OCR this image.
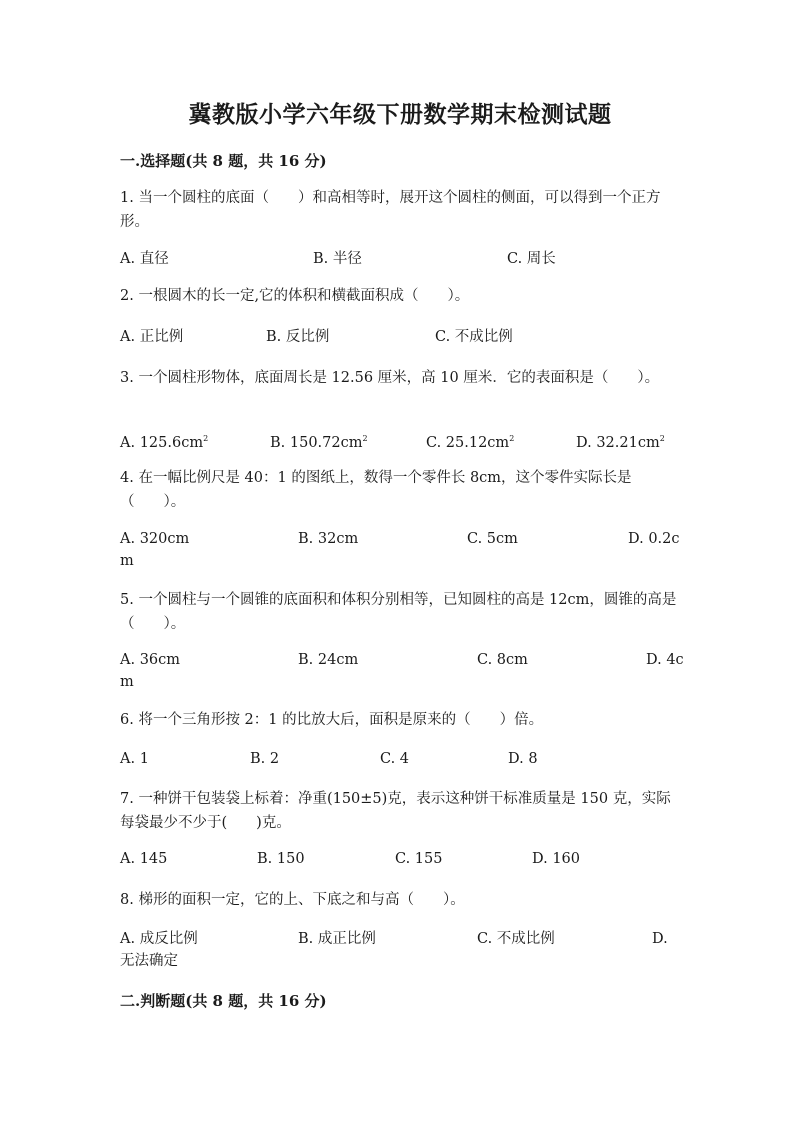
冀教版小学六年级下册数学期末检测试题
一.选择题(共 8 题，共 16 分)
1. 当一个圆柱的底面（　　）和高相等时，展开这个圆柱的侧面，可以得到一个正方形。
A. 直径	B. 半径	C. 周长
2. 一根圆木的长一定,它的体积和横截面积成（　　）。
A. 正比例	B. 反比例	C. 不成比例
3. 一个圆柱形物体，底面周长是 12.56 厘米，高 10 厘米．它的表面积是（　　）。
A. $125.6cm^2$	B. $150.72cm^2$	C. $25.12cm^2$	D. $32.21cm^2$
4. 在一幅比例尺是 40：1 的图纸上，数得一个零件长 8cm，这个零件实际长是（　　）。
A. 320cm	B. 32cm	C. 5cm	D. 0.2c
m
5. 一个圆柱与一个圆锥的底面积和体积分别相等，已知圆柱的高是 12cm，圆锥的高是（　　）。
A. 36cm	B. 24cm	C. 8cm	D. 4c
m
6. 将一个三角形按 2：1 的比放大后，面积是原来的（　　）倍。
A. 1	B. 2	C. 4	D. 8
7. 一种饼干包装袋上标着：净重(150±5)克，表示这种饼干标准质量是 150 克，实际每袋最少不少于(　　)克。
A. 145	B. 150	C. 155	D. 160
8. 梯形的面积一定，它的上、下底之和与高（　　）。
A. 成反比例	B. 成正比例	C. 不成比例	D.
无法确定
二.判断题(共 8 题，共 16 分)
